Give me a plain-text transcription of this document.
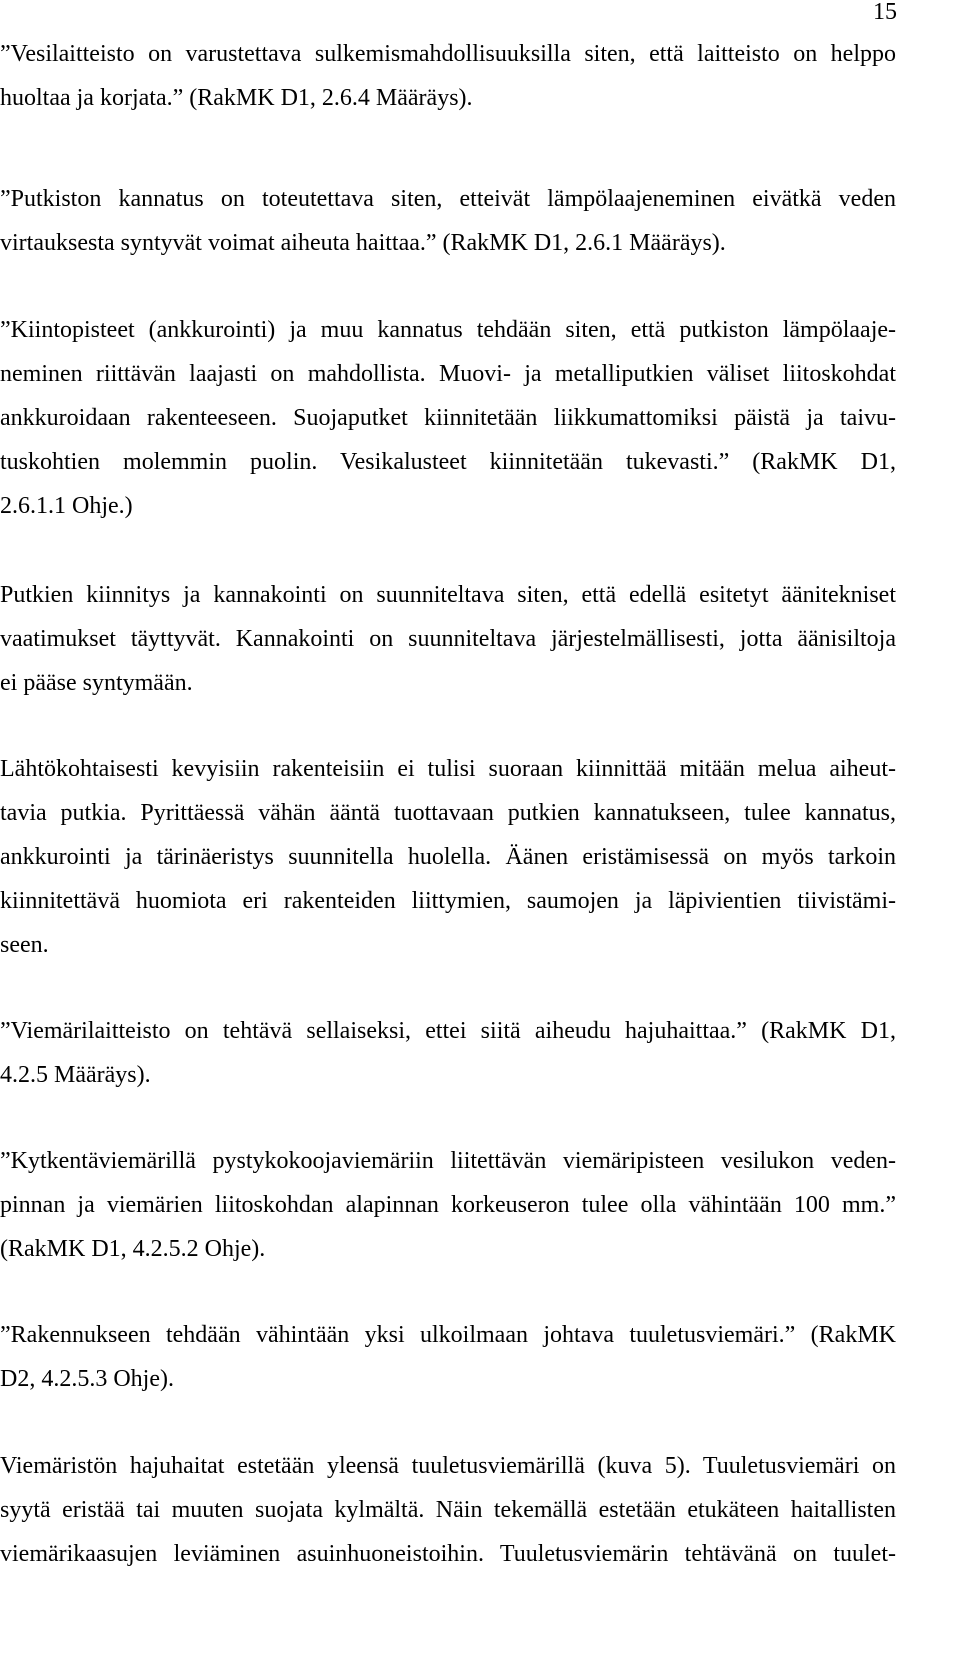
15
”Vesilaitteisto on varustettava sulkemismahdollisuuksilla siten, että laitteisto on helppo
huoltaa ja korjata.” (RakMK D1, 2.6.4 Määräys).
”Putkiston kannatus on toteutettava siten, etteivät lämpölaajeneminen eivätkä veden
virtauksesta syntyvät voimat aiheuta haittaa.” (RakMK D1, 2.6.1 Määräys).
”Kiintopisteet (ankkurointi) ja muu kannatus tehdään siten, että putkiston lämpölaaje-
neminen riittävän laajasti on mahdollista. Muovi- ja metalliputkien väliset liitoskohdat
ankkuroidaan rakenteeseen. Suojaputket kiinnitetään liikkumattomiksi päistä ja taivu-
tuskohtien molemmin puolin. Vesikalusteet kiinnitetään tukevasti.” (RakMK D1,
2.6.1.1 Ohje.)
Putkien kiinnitys ja kannakointi on suunniteltava siten, että edellä esitetyt äänitekniset
vaatimukset täyttyvät. Kannakointi on suunniteltava järjestelmällisesti, jotta äänisiltoja
ei pääse syntymään.
Lähtökohtaisesti kevyisiin rakenteisiin ei tulisi suoraan kiinnittää mitään melua aiheut-
tavia putkia. Pyrittäessä vähän ääntä tuottavaan putkien kannatukseen, tulee kannatus,
ankkurointi ja tärinäeristys suunnitella huolella. Äänen eristämisessä on myös tarkoin
kiinnitettävä huomiota eri rakenteiden liittymien, saumojen ja läpivientien tiivistämi-
seen.
”Viemärilaitteisto on tehtävä sellaiseksi, ettei siitä aiheudu hajuhaittaa.” (RakMK D1,
4.2.5 Määräys).
”Kytkentäviemärillä pystykokoojaviemäriin liitettävän viemäripisteen vesilukon veden-
pinnan ja viemärien liitoskohdan alapinnan korkeuseron tulee olla vähintään 100 mm.”
(RakMK D1, 4.2.5.2 Ohje).
”Rakennukseen tehdään vähintään yksi ulkoilmaan johtava tuuletusviemäri.” (RakMK
D2, 4.2.5.3 Ohje).
Viemäristön hajuhaitat estetään yleensä tuuletusviemärillä (kuva 5). Tuuletusviemäri on
syytä eristää tai muuten suojata kylmältä. Näin tekemällä estetään etukäteen haitallisten
viemärikaasujen leviäminen asuinhuoneistoihin. Tuuletusviemärin tehtävänä on tuulet-
